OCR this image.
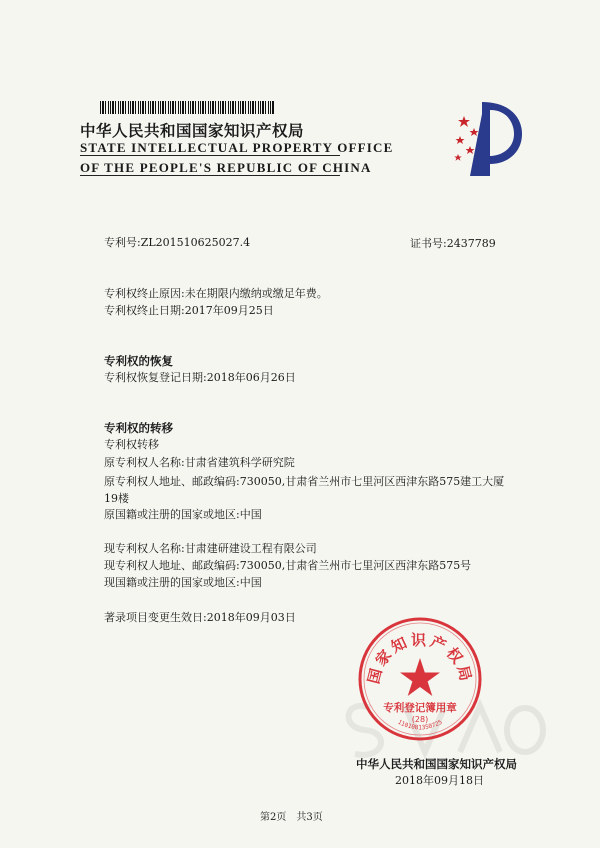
中华人民共和国国家知识产权局
STATE INTELLECTUAL PROPERTY OFFICE
OF THE PEOPLE'S REPUBLIC OF CHINA
专利号:ZL201510625027.4	证书号:2437789
专利权终止原因:未在期限内缴纳或缴足年费。
专利权终止日期:2017年09月25日
专利权的恢复
专利权恢复登记日期:2018年06月26日
专利权的转移
专利权转移
原专利权人名称:甘肃省建筑科学研究院
原专利权人地址、邮政编码:730050,甘肃省兰州市七里河区西津东路575建工大厦19楼
原国籍或注册的国家或地区:中国
现专利权人名称:甘肃建研建设工程有限公司
现专利权人地址、邮政编码:730050,甘肃省兰州市七里河区西津东路575号
现国籍或注册的国家或地区:中国
著录项目变更生效日:2018年09月03日
国家知识产权局
专利登记簿用章
(28)
1101081350725
中华人民共和国国家知识产权局
2018年09月18日
第2页 共3页
